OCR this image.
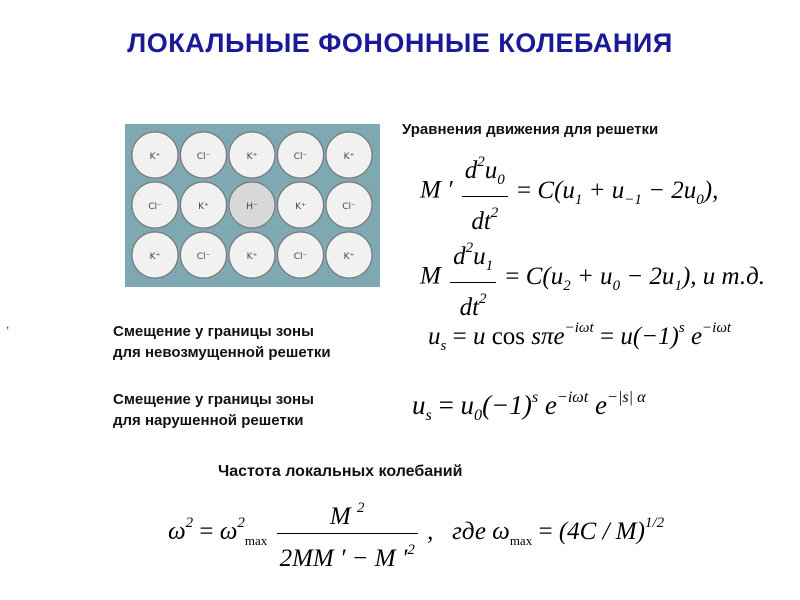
ЛОКАЛЬНЫЕ ФОНОННЫЕ КОЛЕБАНИЯ
K⁺	Cl⁻	K⁺	Cl⁻	K⁺
Cl⁻	K⁺	H⁻	K⁺	Cl⁻
K⁺	Cl⁻	K⁺	Cl⁻	K⁺
,
Уравнения движения для решетки
M ′ $\frac{d^2u_0}{dt^2} = C(u_1 + u_{-1} - 2u_0)$,
M $\frac{d^2u_1}{dt^2} = C(u_2 + u_0 - 2u_1)$, и т.д.
Смещение у границы зоны
для невозмущенной решетки
$u_s = u$ $\cos s\pi e^{-i\omega t} = u(-1)^s$ $e^{-i\omega t}$
Смещение у границы зоны
для нарушенной решетки
$u_s = u_0(-1)^s$ $e^{-i\omega t}$ $e^{-|s| \alpha}$
Частота локальных колебаний
$\omega^2 = \omega^2_{max} \frac{M ^2}{2MM ' - M '^2}$ ,   где $\omega_{max} = (4C / M)^{1/2}$
